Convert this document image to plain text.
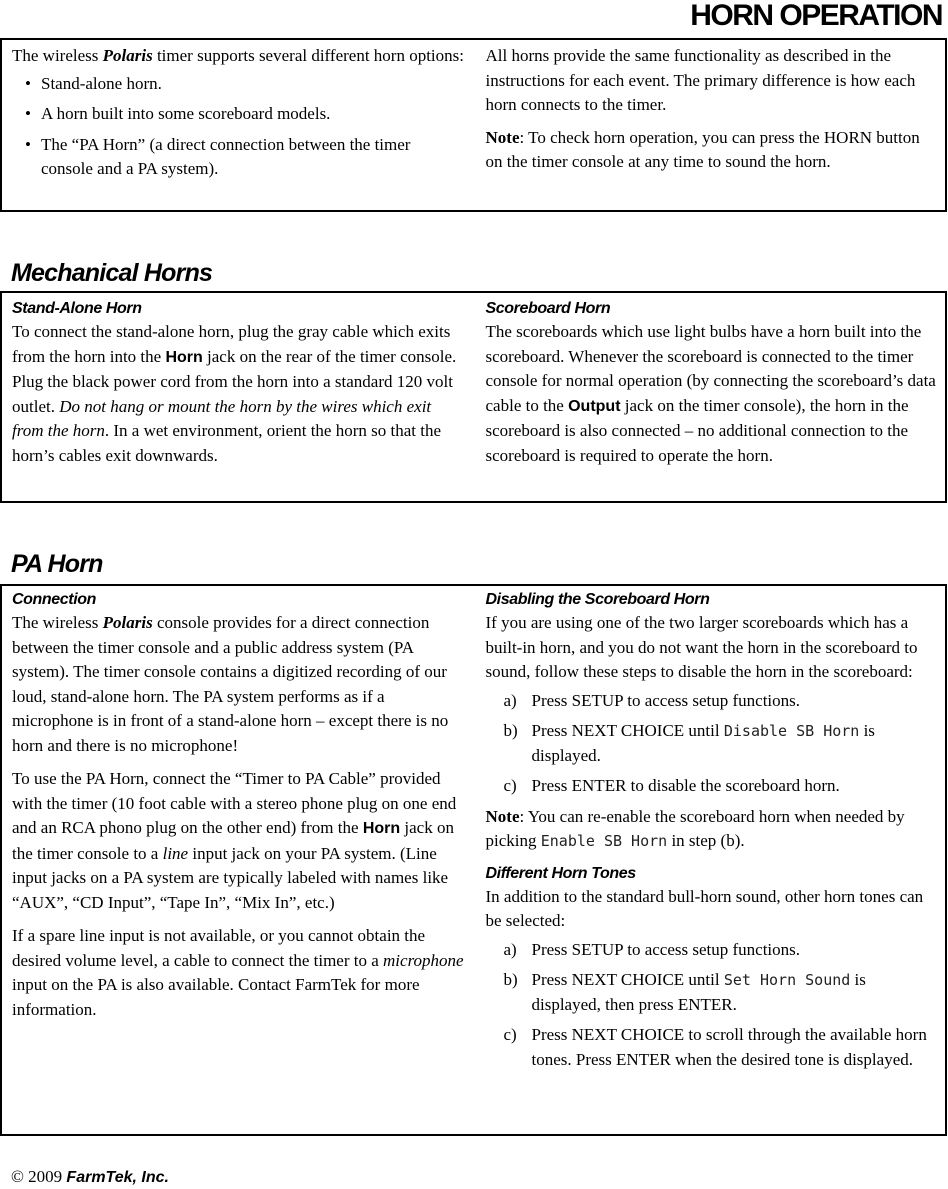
HORN OPERATION

The wireless Polaris timer supports several different horn options:

• Stand-alone horn.
• A horn built into some scoreboard models.
• The “PA Horn” (a direct connection between the timer console and a PA system).

All horns provide the same functionality as described in the instructions for each event. The primary difference is how each horn connects to the timer.

Note: To check horn operation, you can press the HORN button on the timer console at any time to sound the horn.

Mechanical Horns
Stand-Alone Horn

To connect the stand-alone horn, plug the gray cable which exits from the horn into the Horn jack on the rear of the timer console. Plug the black power cord from the horn into a standard 120 volt outlet. Do not hang or mount the horn by the wires which exit from the horn. In a wet environment, orient the horn so that the horn’s cables exit downwards.

Scoreboard Horn

The scoreboards which use light bulbs have a horn built into the scoreboard. Whenever the scoreboard is connected to the timer console for normal operation (by connecting the scoreboard’s data cable to the Output jack on the timer console), the horn in the scoreboard is also connected – no additional connection to the scoreboard is required to operate the horn.

PA Horn
Connection

The wireless Polaris console provides for a direct connection between the timer console and a public address system (PA system). The timer console contains a digitized recording of our loud, stand-alone horn. The PA system performs as if a microphone is in front of a stand-alone horn – except there is no horn and there is no microphone!

To use the PA Horn, connect the “Timer to PA Cable” provided with the timer (10 foot cable with a stereo phone plug on one end and an RCA phono plug on the other end) from the Horn jack on the timer console to a line input jack on your PA system. (Line input jacks on a PA system are typically labeled with names like “AUX”, “CD Input”, “Tape In”, “Mix In”, etc.)

If a spare line input is not available, or you cannot obtain the desired volume level, a cable to connect the timer to a microphone input on the PA is also available. Contact FarmTek for more information.

Disabling the Scoreboard Horn

If you are using one of the two larger scoreboards which has a built-in horn, and you do not want the horn in the scoreboard to sound, follow these steps to disable the horn in the scoreboard:

a) Press SETUP to access setup functions.
b) Press NEXT CHOICE until Disable SB Horn is displayed.
c) Press ENTER to disable the scoreboard horn.

Note: You can re-enable the scoreboard horn when needed by picking Enable SB Horn in step (b).

Different Horn Tones

In addition to the standard bull-horn sound, other horn tones can be selected:

a) Press SETUP to access setup functions.
b) Press NEXT CHOICE until Set Horn Sound is displayed, then press ENTER.
c) Press NEXT CHOICE to scroll through the available horn tones. Press ENTER when the desired tone is displayed.

© 2009 FarmTek, Inc.
